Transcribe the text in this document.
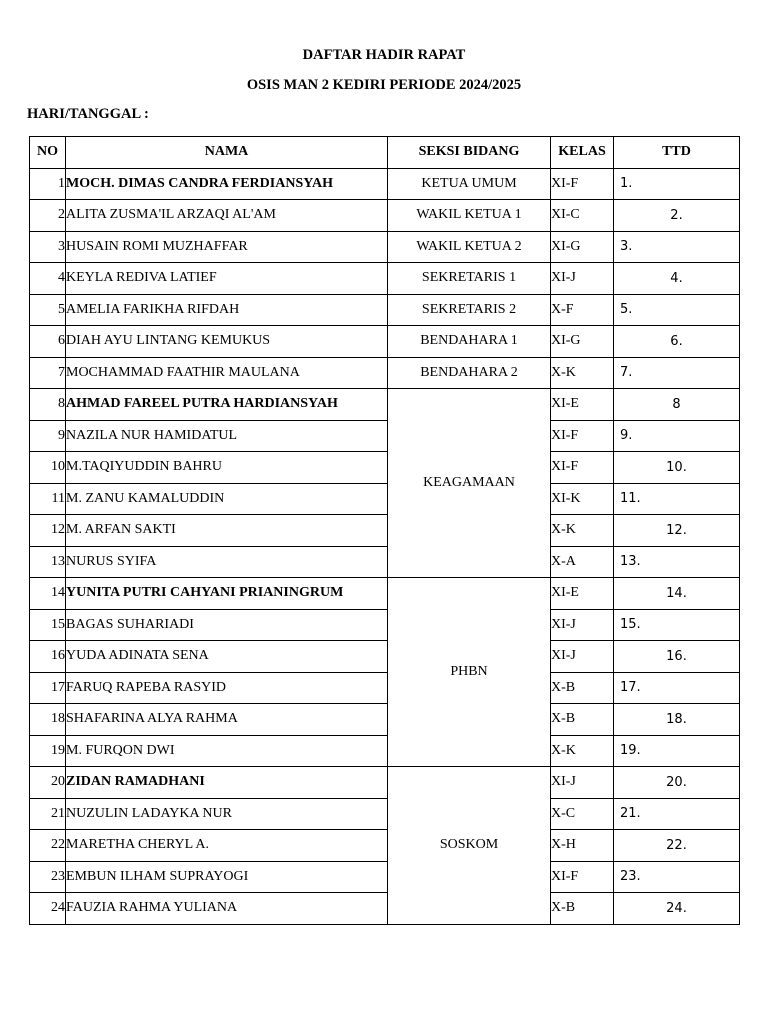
DAFTAR HADIR RAPAT
OSIS MAN 2 KEDIRI PERIODE 2024/2025
HARI/TANGGAL :
NO	NAMA	SEKSI BIDANG	KELAS	TTD
1	MOCH. DIMAS CANDRA FERDIANSYAH	KETUA UMUM	XI-F	1.
2	ALITA ZUSMA'IL ARZAQI AL'AM	WAKIL KETUA 1	XI-C	2.
3	HUSAIN ROMI MUZHAFFAR	WAKIL KETUA 2	XI-G	3.
4	KEYLA REDIVA LATIEF	SEKRETARIS 1	XI-J	4.
5	AMELIA FARIKHA RIFDAH	SEKRETARIS 2	X-F	5.
6	DIAH AYU LINTANG KEMUKUS	BENDAHARA 1	XI-G	6.
7	MOCHAMMAD FAATHIR MAULANA	BENDAHARA 2	X-K	7.
8	AHMAD FAREEL PUTRA HARDIANSYAH	KEAGAMAAN	XI-E	8
9	NAZILA NUR HAMIDATUL		XI-F	9.
10	M.TAQIYUDDIN BAHRU		XI-F	10.
11	M. ZANU KAMALUDDIN		XI-K	11.
12	M. ARFAN SAKTI		X-K	12.
13	NURUS SYIFA		X-A	13.
14	YUNITA PUTRI CAHYANI PRIANINGRUM	PHBN	XI-E	14.
15	BAGAS SUHARIADI		XI-J	15.
16	YUDA ADINATA SENA		XI-J	16.
17	FARUQ RAPEBA RASYID		X-B	17.
18	SHAFARINA ALYA RAHMA		X-B	18.
19	M. FURQON DWI		X-K	19.
20	ZIDAN RAMADHANI	SOSKOM	XI-J	20.
21	NUZULIN LADAYKA NUR		X-C	21.
22	MARETHA CHERYL A.		X-H	22.
23	EMBUN ILHAM SUPRAYOGI		XI-F	23.
24	FAUZIA RAHMA YULIANA		X-B	24.
